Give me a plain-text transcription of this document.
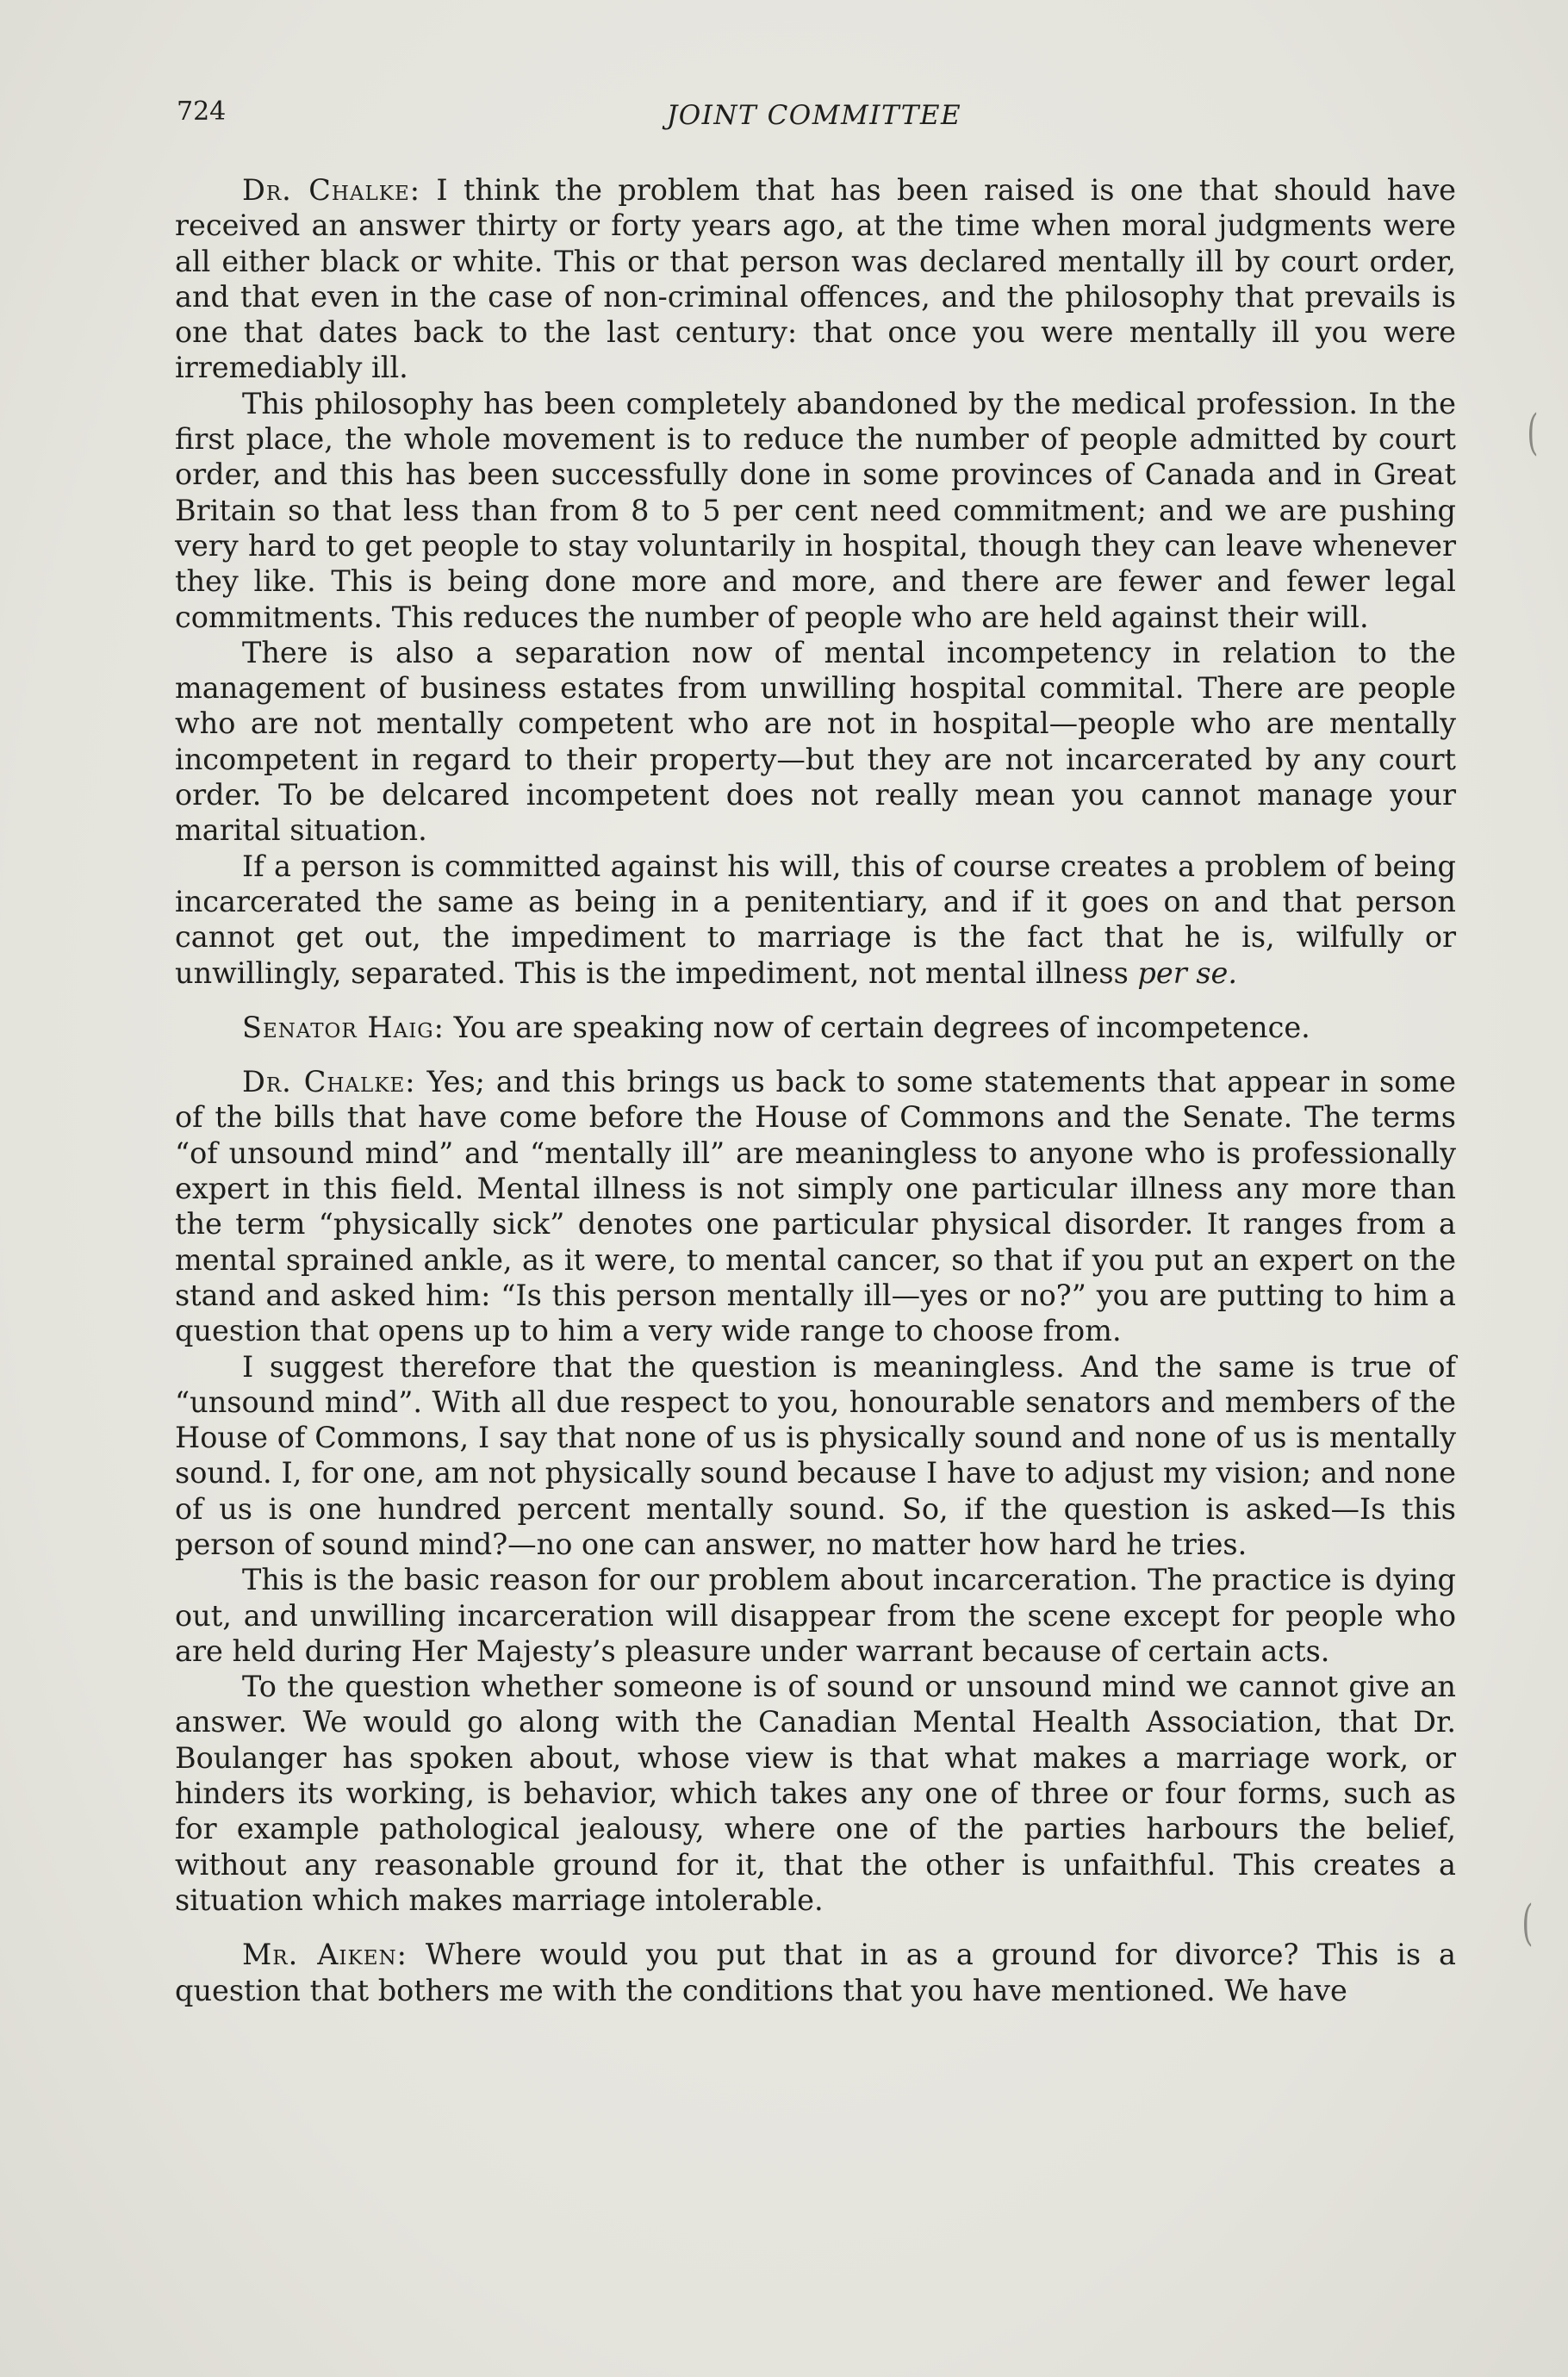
724	JOINT COMMITTEE

Dr. Chalke: I think the problem that has been raised is one that should have received an answer thirty or forty years ago, at the time when moral judgments were all either black or white. This or that person was declared mentally ill by court order, and that even in the case of non-criminal offences, and the philosophy that prevails is one that dates back to the last century: that once you were mentally ill you were irremediably ill.

This philosophy has been completely abandoned by the medical profession. In the first place, the whole movement is to reduce the number of people admitted by court order, and this has been successfully done in some provinces of Canada and in Great Britain so that less than from 8 to 5 per cent need commitment; and we are pushing very hard to get people to stay voluntarily in hospital, though they can leave whenever they like. This is being done more and more, and there are fewer and fewer legal commitments. This reduces the number of people who are held against their will.

There is also a separation now of mental incompetency in relation to the management of business estates from unwilling hospital commital. There are people who are not mentally competent who are not in hospital—people who are mentally incompetent in regard to their property—but they are not incarcerated by any court order. To be delcared incompetent does not really mean you cannot manage your marital situation.

If a person is committed against his will, this of course creates a problem of being incarcerated the same as being in a penitentiary, and if it goes on and that person cannot get out, the impediment to marriage is the fact that he is, wilfully or unwillingly, separated. This is the impediment, not mental illness per se.

Senator Haig: You are speaking now of certain degrees of incompetence.

Dr. Chalke: Yes; and this brings us back to some statements that appear in some of the bills that have come before the House of Commons and the Senate. The terms “of unsound mind” and “mentally ill” are meaningless to anyone who is professionally expert in this field. Mental illness is not simply one particular illness any more than the term “physically sick” denotes one particular physical disorder. It ranges from a mental sprained ankle, as it were, to mental cancer, so that if you put an expert on the stand and asked him: “Is this person mentally ill—yes or no?” you are putting to him a question that opens up to him a very wide range to choose from.

I suggest therefore that the question is meaningless. And the same is true of “unsound mind”. With all due respect to you, honourable senators and members of the House of Commons, I say that none of us is physically sound and none of us is mentally sound. I, for one, am not physically sound because I have to adjust my vision; and none of us is one hundred percent mentally sound. So, if the question is asked—Is this person of sound mind?—no one can answer, no matter how hard he tries.

This is the basic reason for our problem about incarceration. The practice is dying out, and unwilling incarceration will disappear from the scene except for people who are held during Her Majesty’s pleasure under warrant because of certain acts.

To the question whether someone is of sound or unsound mind we cannot give an answer. We would go along with the Canadian Mental Health Association, that Dr. Boulanger has spoken about, whose view is that what makes a marriage work, or hinders its working, is behavior, which takes any one of three or four forms, such as for example pathological jealousy, where one of the parties harbours the belief, without any reasonable ground for it, that the other is unfaithful. This creates a situation which makes marriage intolerable.

Mr. Aiken: Where would you put that in as a ground for divorce? This is a question that bothers me with the conditions that you have mentioned. We have

(
(
